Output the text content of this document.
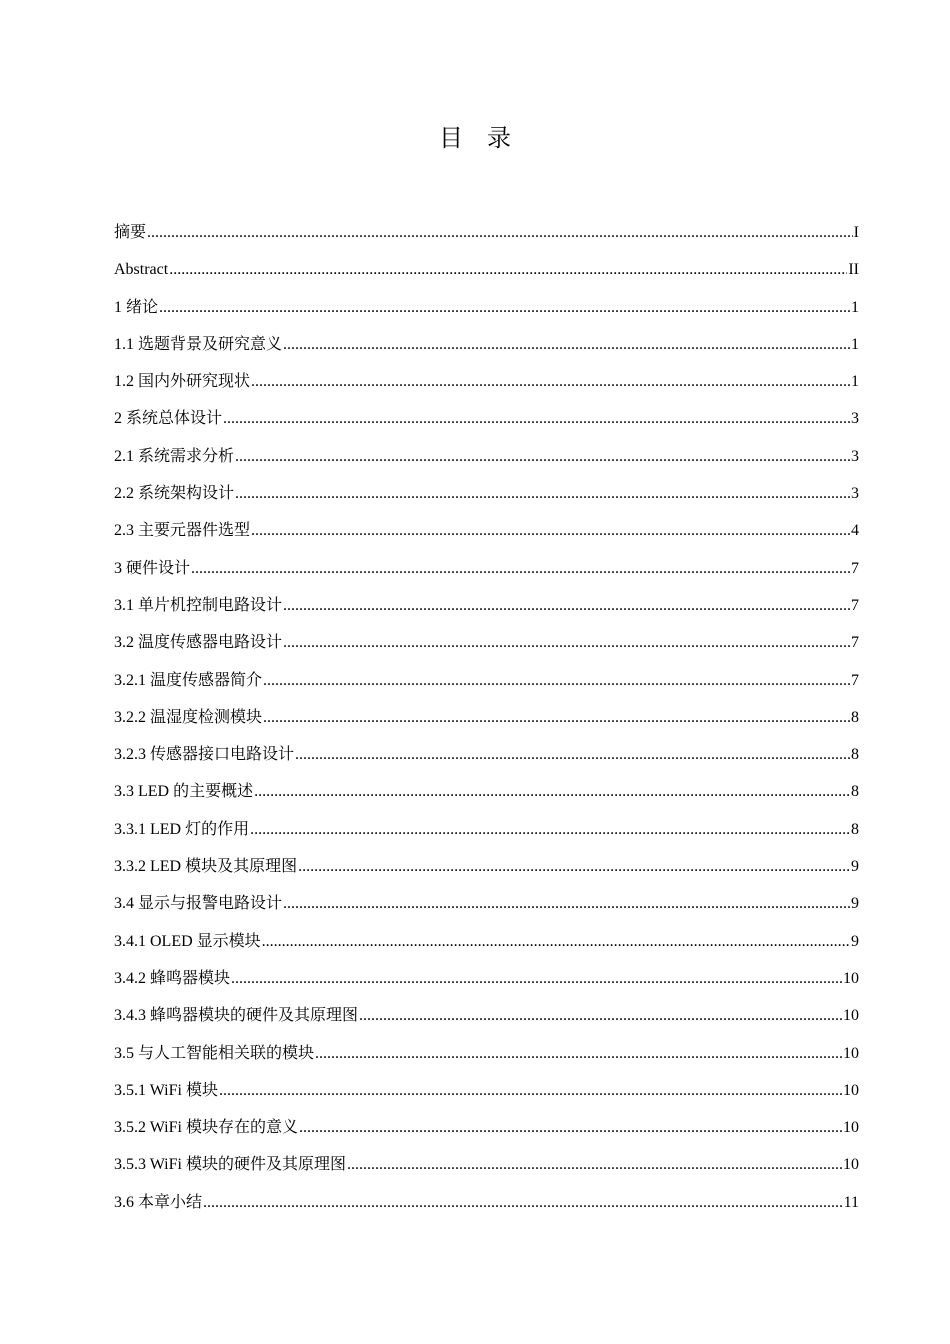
目录
摘要 .....	I
Abstract .....	II
1 绪论 .....	1
1.1 选题背景及研究意义 .....	1
1.2 国内外研究现状 .....	1
2 系统总体设计 .....	3
2.1 系统需求分析 .....	3
2.2 系统架构设计 .....	3
2.3 主要元器件选型 .....	4
3 硬件设计 .....	7
3.1 单片机控制电路设计 .....	7
3.2 温度传感器电路设计 .....	7
3.2.1 温度传感器简介 .....	7
3.2.2 温湿度检测模块 .....	8
3.2.3 传感器接口电路设计 .....	8
3.3 LED 的主要概述 .....	8
3.3.1 LED 灯的作用 .....	8
3.3.2 LED 模块及其原理图 .....	9
3.4 显示与报警电路设计 .....	9
3.4.1 OLED 显示模块 .....	9
3.4.2 蜂鸣器模块 .....	10
3.4.3 蜂鸣器模块的硬件及其原理图 .....	10
3.5 与人工智能相关联的模块 .....	10
3.5.1 WiFi 模块 .....	10
3.5.2 WiFi 模块存在的意义 .....	10
3.5.3 WiFi 模块的硬件及其原理图 .....	10
3.6 本章小结 .....	11
